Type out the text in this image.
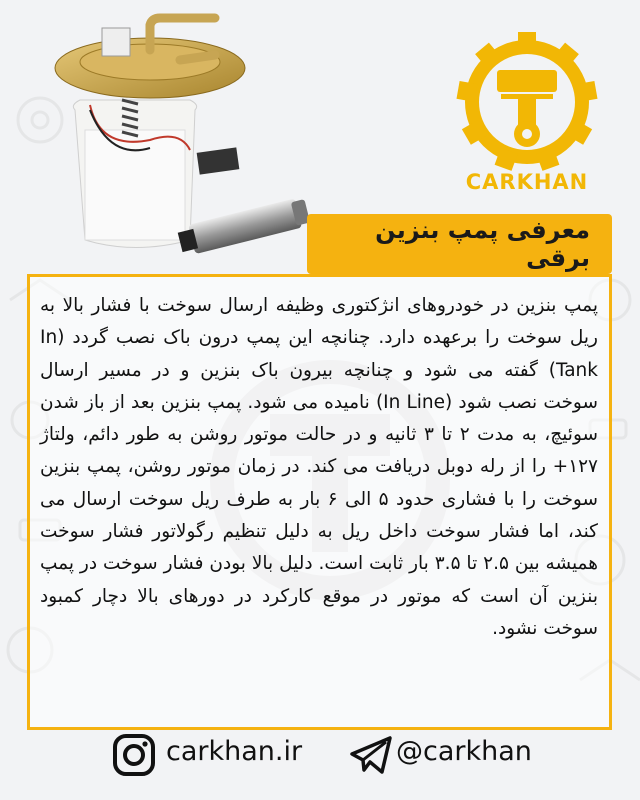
CARKHAN
معرفی پمپ بنزین برقی
پمپ بنزین در خودروهای انژکتوری وظیفه ارسال سوخت با فشار بالا به ریل سوخت را برعهده دارد. چنانچه این پمپ درون باک نصب گردد (In Tank) گفته می شود و چنانچه بیرون باک بنزین و در مسیر ارسال سوخت نصب شود (In Line) نامیده می شود. پمپ بنزین بعد از باز شدن سوئیچ، به مدت ۲ تا ۳ ثانیه و در حالت موتور روشن به طور دائم، ولتاژ ۱۲۷+ را از رله دوبل دریافت می کند. در زمان موتور روشن، پمپ بنزین سوخت را با فشاری حدود ۵ الی ۶ بار به طرف ریل سوخت ارسال می کند، اما فشار سوخت داخل ریل به دلیل تنظیم رگولاتور فشار سوخت همیشه بین ۲.۵ تا ۳.۵ بار ثابت است. دلیل بالا بودن فشار سوخت در پمپ بنزین آن است که موتور در موقع کارکرد در دورهای بالا دچار کمبود سوخت نشود.
carkhan.ir	@carkhan
